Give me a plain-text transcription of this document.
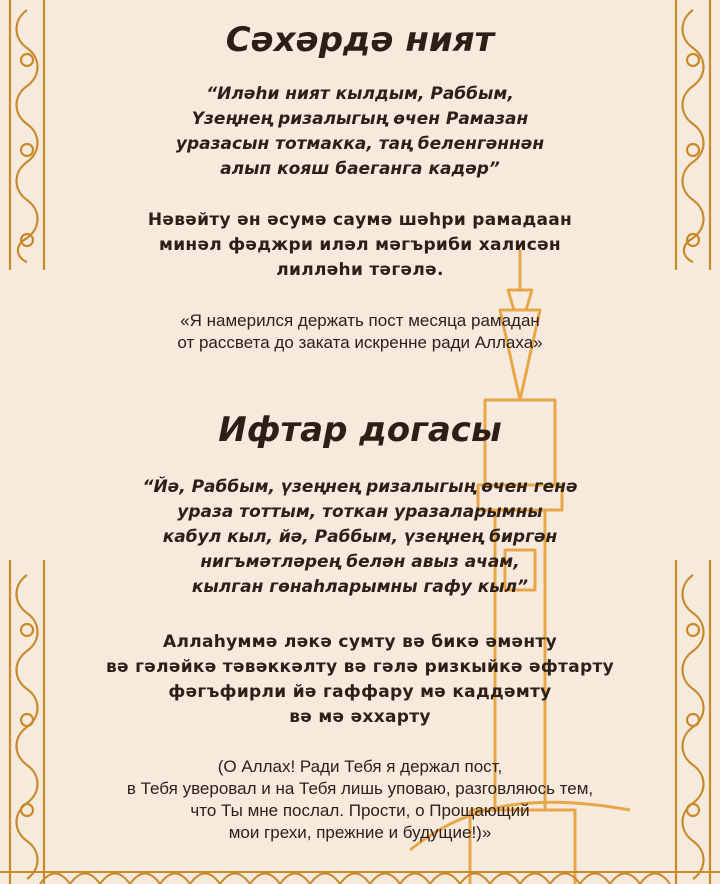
Сәхәрдә ният
“Иләһи ният кылдым, Раббым,
Үзеңнең ризалыгың өчен Рамазан
уразасын тотмакка, таң беленгәннән
алып кояш баеганга кадәр”
Нәвәйту ән әсумә саумә шәһри рамадаан
минәл фәджри иләл мәгъриби халисән
лилләһи тәгәлә.
«Я намерился держать пост месяца рамадан
от рассвета до заката искренне ради Аллаха»
Ифтар догасы
“Йә, Раббым, үзеңнең ризалыгың өчен генә
ураза тоттым, тоткан уразаларымны
кабул кыл, йә, Раббым, үзеңнең биргән
нигъмәтләрең белән авыз ачам,
кылган гөнаһларымны гафу кыл”
Аллаһуммә ләкә сумту вә бикә әмәнту
вә гәләйкә тәвәккәлту вә гәлә ризкыйкә әфтарту
фәгъфирли йә гаффару мә каддәмту
вә мә әххарту
(О Аллах! Ради Тебя я держал пост,
в Тебя уверовал и на Тебя лишь уповаю, разговляюсь тем,
что Ты мне послал. Прости, о Прощающий
мои грехи, прежние и будущие!)»
